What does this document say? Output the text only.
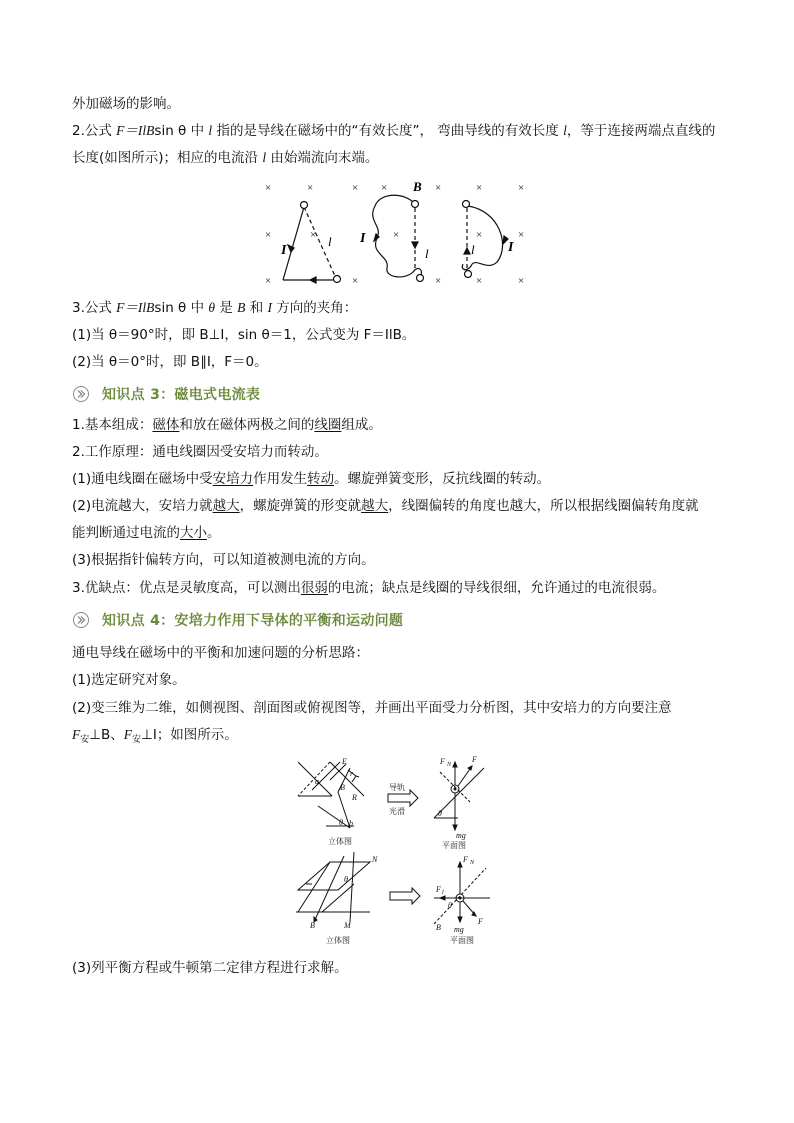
外加磁场的影响。
2.公式 F＝IlBsin θ 中 l 指的是导线在磁场中的“有效长度”， 弯曲导线的有效长度 l，等于连接两端点直线的
长度(如图所示)；相应的电流沿 l 由始端流向末端。
×	×
×
×
×
×
×
×
×
×
×
×
×
×
×
×
×
I
l
B
I
l	l I
3.公式 F＝IlBsin θ 中 θ 是 B 和 I 方向的夹角：
(1)当 θ＝90°时，即 B⊥I，sin θ＝1，公式变为 F＝IlB。
(2)当 θ＝0°时，即 B∥I，F＝0。
知识点 3：磁电式电流表
1.基本组成：磁体和放在磁体两极之间的线圈组成。
2.工作原理：通电线圈因受安培力而转动。
(1)通电线圈在磁场中受安培力作用发生转动。螺旋弹簧变形，反抗线圈的转动。
(2)电流越大，安培力就越大，螺旋弹簧的形变就越大，线圈偏转的角度也越大，所以根据线圈偏转角度就
能判断通过电流的大小。
(3)根据指针偏转方向，可以知道被测电流的方向。
3.优缺点：优点是灵敏度高，可以测出很弱的电流；缺点是线圈的导线很细，允许通过的电流很弱。
知识点 4：安培力作用下导体的平衡和运动问题
通电导线在磁场中的平衡和加速问题的分析思路：
(1)选定研究对象。
(2)变三维为二维，如侧视图、剖面图或俯视图等，并画出平面受力分析图，其中安培力的方向要注意
$F_安\perp B$、$F_安\perp I$；如图所示。
E
r
a
B
R
θ b
立体图
导轨
光滑
F N
F
θ
mg
平面图
N
θ
B	M
立体图
F N
F l
θ
F
B mg
平面图
(3)列平衡方程或牛顿第二定律方程进行求解。
